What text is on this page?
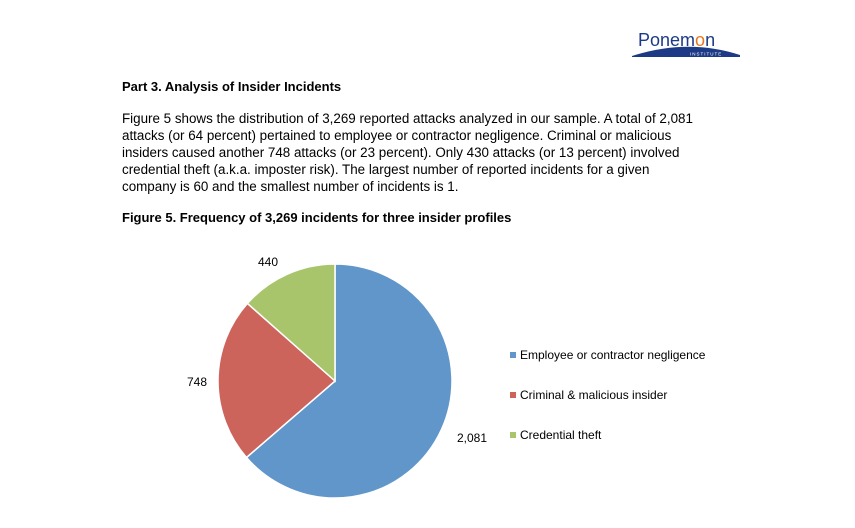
Ponemon
INSTITUTE
Part 3. Analysis of Insider Incidents

Figure 5 shows the distribution of 3,269 reported attacks analyzed in our sample. A total of 2,081
attacks (or 64 percent) pertained to employee or contractor negligence. Criminal or malicious
insiders caused another 748 attacks (or 23 percent). Only 430 attacks (or 13 percent) involved
credential theft (a.k.a. imposter risk). The largest number of reported incidents for a given
company is 60 and the smallest number of incidents is 1.

Figure 5. Frequency of 3,269 incidents for three insider profiles
2,081
748
440
Employee or contractor negligence
Criminal & malicious insider
Credential theft
